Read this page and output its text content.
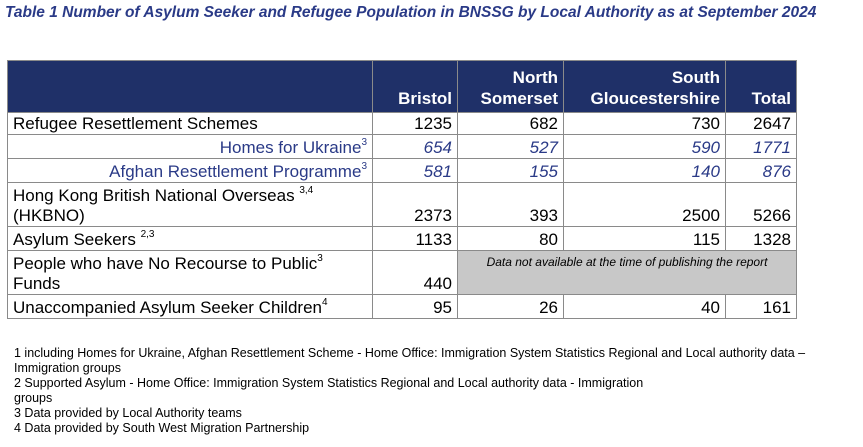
Table 1 Number of Asylum Seeker and Refugee Population in BNSSG by Local Authority as at September 2024
	Bristol	North Somerset	South Gloucestershire	Total
Refugee Resettlement Schemes	1235	682	730	2647
Homes for Ukraine$^3$	654	527	590	1771
Afghan Resettlement Programme$^3$	581	155	140	876
Hong Kong British National Overseas $^{3,4}$
(HKBNO)	2373	393	2500	5266
Asylum Seekers $^{2,3}$	1133	80	115	1328
People who have No Recourse to Public$^3$
Funds	440	Data not available at the time of publishing the report		
Unaccompanied Asylum Seeker Children$^4$	95	26	40	161
1 including Homes for Ukraine, Afghan Resettlement Scheme - Home Office: Immigration System Statistics Regional and Local authority data – Immigration groups
2 Supported Asylum - Home Office: Immigration System Statistics Regional and Local authority data - Immigration
groups
3 Data provided by Local Authority teams
4 Data provided by South West Migration Partnership
